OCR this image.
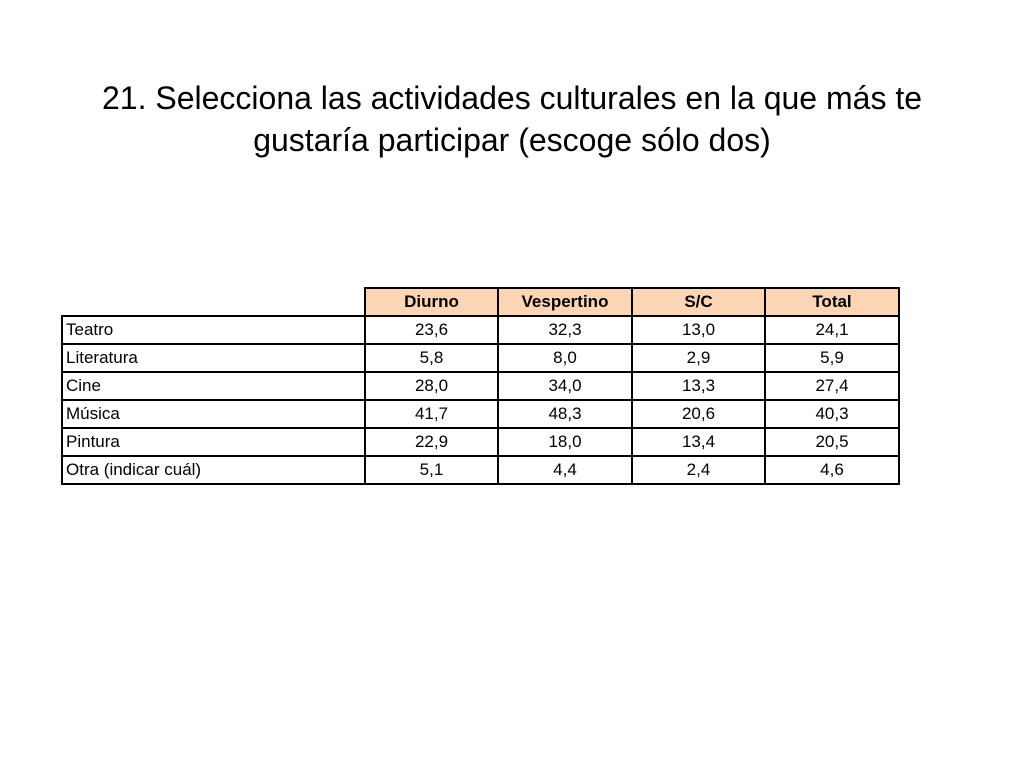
21. Selecciona las actividades culturales en la que más te
gustaría participar (escoge sólo dos)
	Diurno	Vespertino	S/C	Total
Teatro	23,6	32,3	13,0	24,1
Literatura	5,8	8,0	2,9	5,9
Cine	28,0	34,0	13,3	27,4
Música	41,7	48,3	20,6	40,3
Pintura	22,9	18,0	13,4	20,5
Otra (indicar cuál)	5,1	4,4	2,4	4,6
